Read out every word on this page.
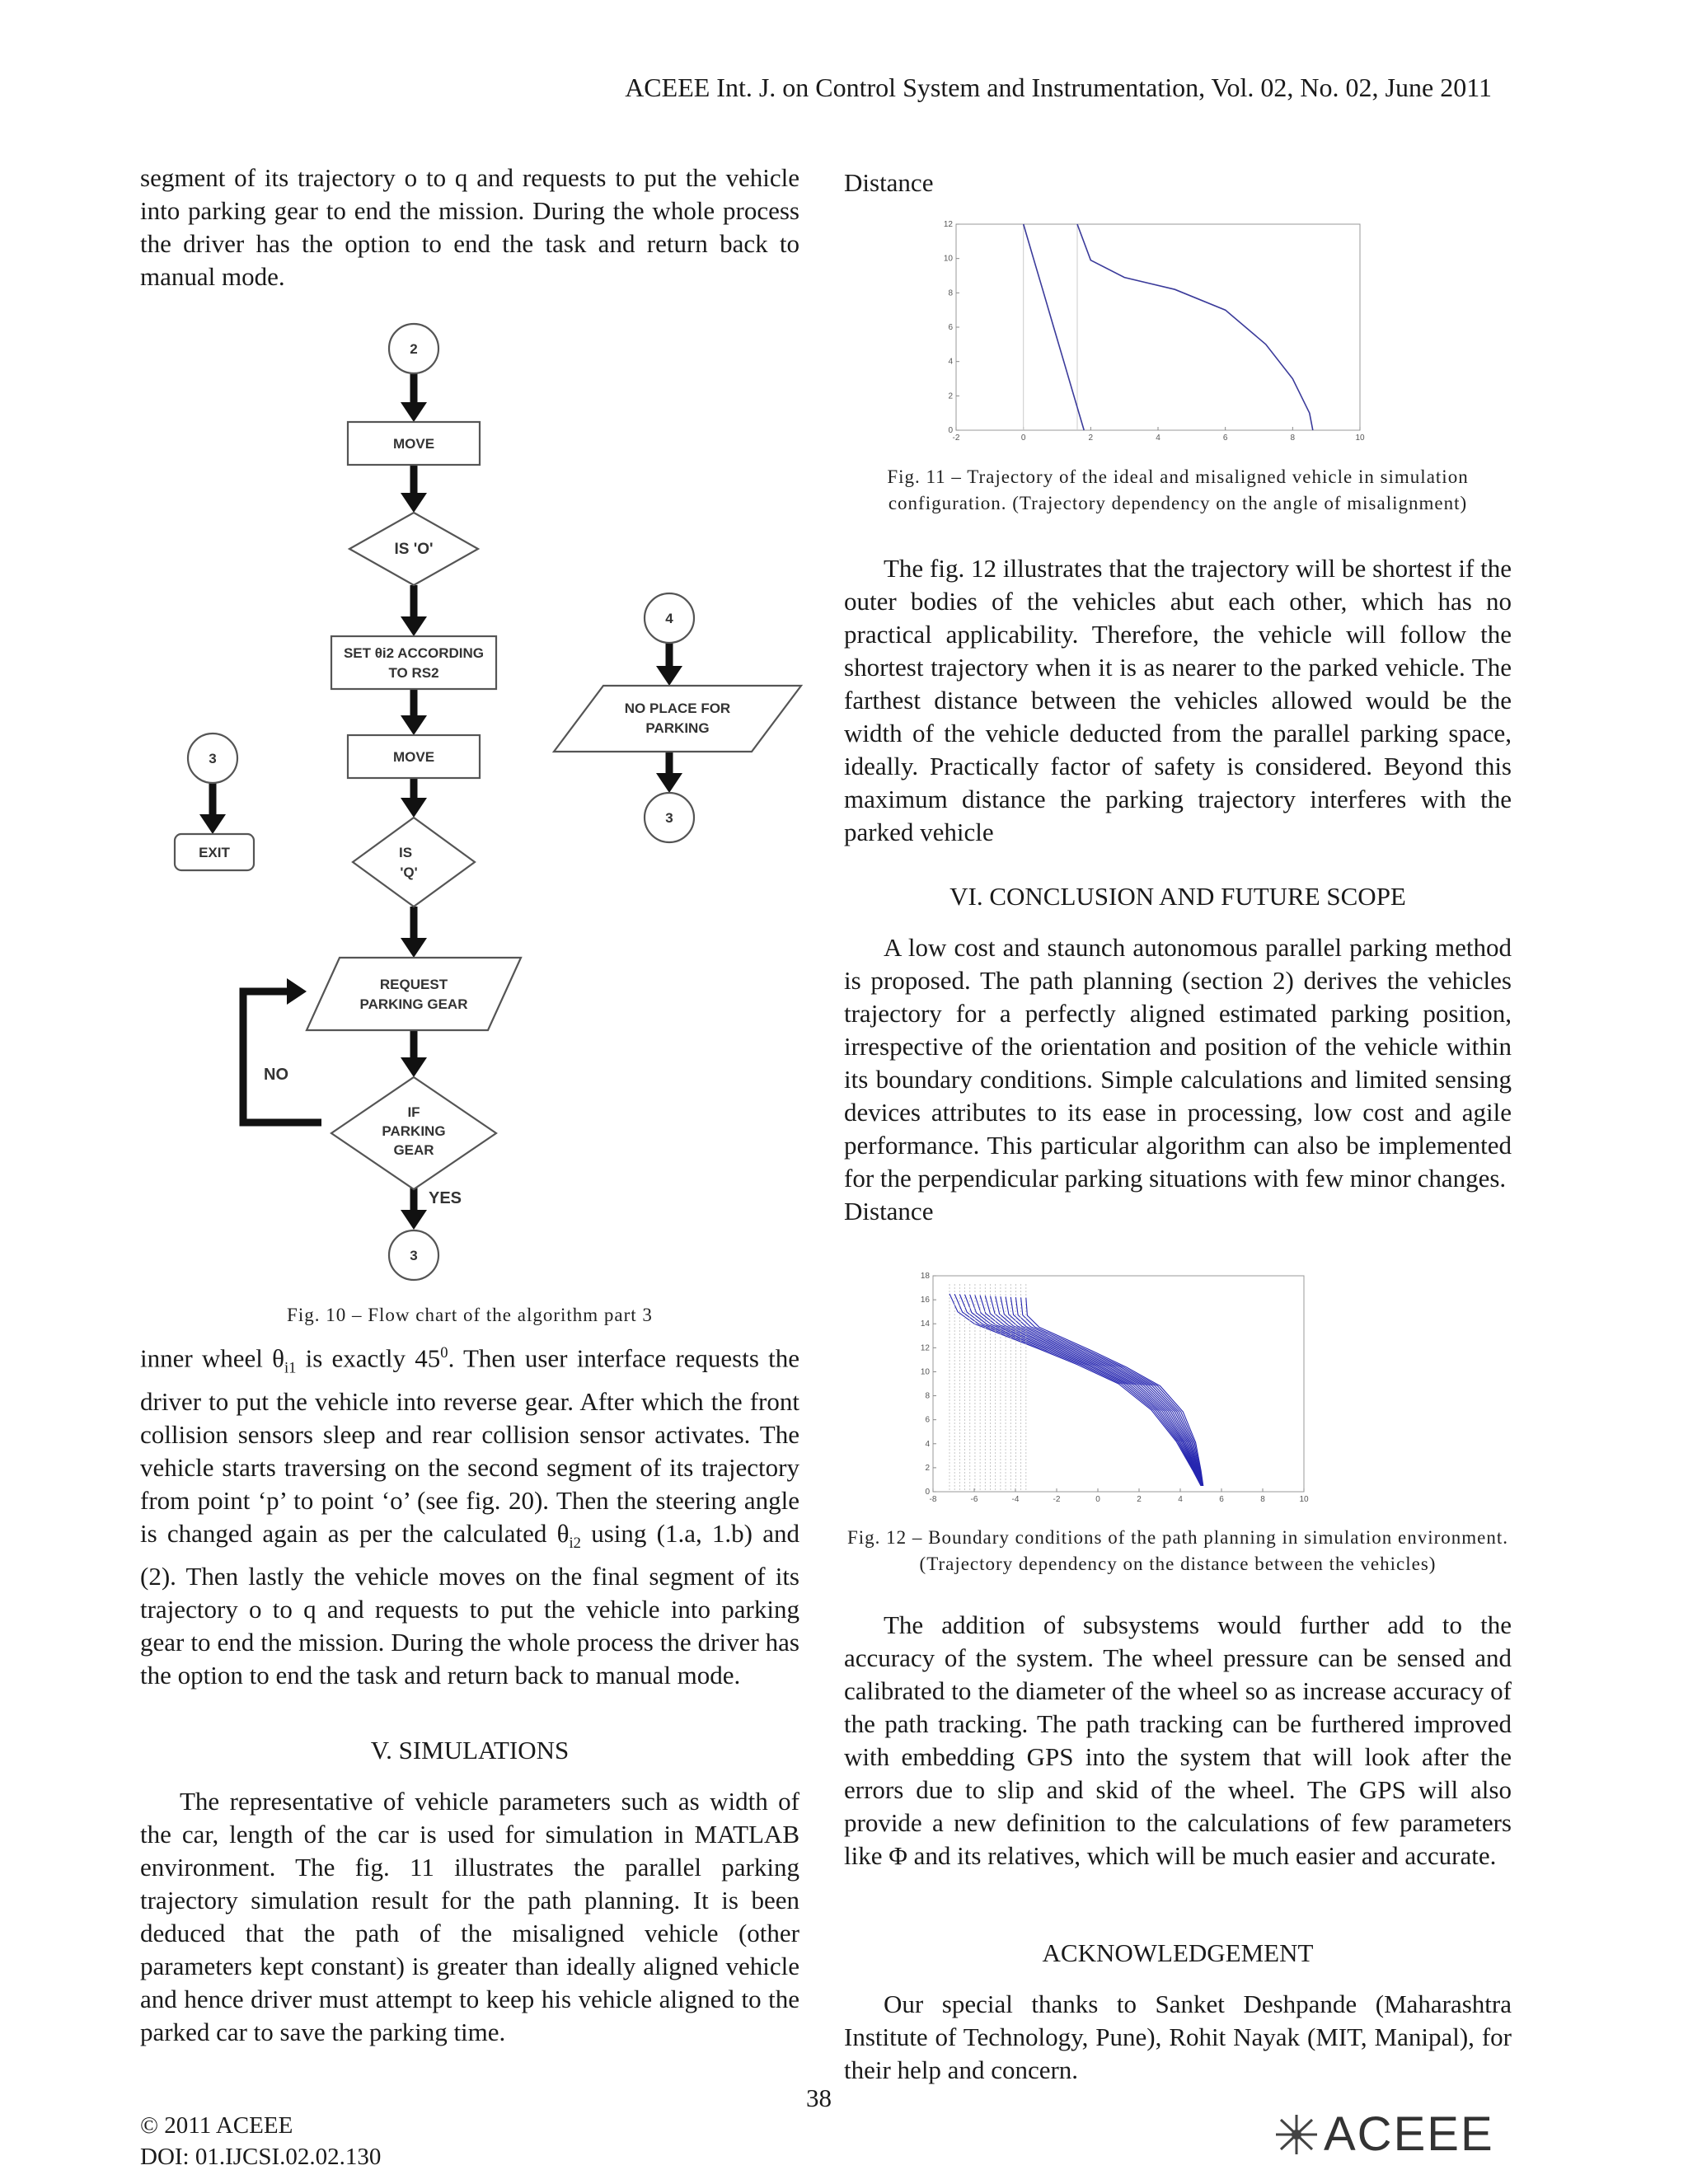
ACEEE Int. J. on Control System and Instrumentation, Vol. 02, No. 02, June 2011

segment of its trajectory o to q and requests to put the vehicle into parking gear to end the mission. During the whole process the driver has the option to end the task and return back to manual mode.

2
MOVE
IS 'O'
SET θi2 ACCORDING
TO RS2
MOVE
IS
'Q'
REQUEST
PARKING GEAR
IF
PARKING
GEAR
NO
YES
3
3
EXIT
4
NO PLACE FOR
PARKING
3
Fig. 10 – Flow chart of the algorithm part 3

inner wheel $\theta_{i1}$ is exactly $45^0$. Then user interface requests the driver to put the vehicle into reverse gear. After which the front collision sensors sleep and rear collision sensor activates. The vehicle starts traversing on the second segment of its trajectory from point ‘p’ to point ‘o’ (see fig. 20). Then the steering angle is changed again as per the calculated $\theta_{i2}$ using (1.a, 1.b) and (2). Then lastly the vehicle moves on the final segment of its trajectory o to q and requests to put the vehicle into parking gear to end the mission. During the whole process the driver has the option to end the task and return back to manual mode.

V. SIMULATIONS

The representative of vehicle parameters such as width of the car, length of the car is used for simulation in MATLAB environment. The fig. 11 illustrates the parallel parking trajectory simulation result for the path planning. It is been deduced that the path of the misaligned vehicle (other parameters kept constant) is greater than ideally aligned vehicle and hence driver must attempt to keep his vehicle aligned to the parked car to save the parking time.

Distance
-2	0	2	4	6	8	10
0
2
4
6
8
10
12
Fig. 11 – Trajectory of the ideal and misaligned vehicle in simulation configuration. (Trajectory dependency on the angle of misalignment)

The fig. 12 illustrates that the trajectory will be shortest if the outer bodies of the vehicles abut each other, which has no practical applicability. Therefore, the vehicle will follow the shortest trajectory when it is as nearer to the parked vehicle. The farthest distance between the vehicles allowed would be the width of the vehicle deducted from the parallel parking space, ideally. Practically factor of safety is considered. Beyond this maximum distance the parking trajectory interferes with the parked vehicle

VI. CONCLUSION AND FUTURE SCOPE

A low cost and staunch autonomous parallel parking method is proposed. The path planning (section 2) derives the vehicles trajectory for a perfectly aligned estimated parking position, irrespective of the orientation and position of the vehicle within its boundary conditions. Simple calculations and limited sensing devices attributes to its ease in processing, low cost and agile performance. This particular algorithm can also be implemented for the perpendicular parking situations with few minor changes.

Distance

-8	-6	-4	-2	0	2	4	6	8	10
0
2
4
6
8
10
12
14
16
18
Fig. 12 – Boundary conditions of the path planning in simulation environment. (Trajectory dependency on the distance between the vehicles)

The addition of subsystems would further add to the accuracy of the system. The wheel pressure can be sensed and calibrated to the diameter of the wheel so as increase accuracy of the path tracking. The path tracking can be furthered improved with embedding GPS into the system that will look after the errors due to slip and skid of the wheel. The GPS will also provide a new definition to the calculations of few parameters like Φ and its relatives, which will be much easier and accurate.

ACKNOWLEDGEMENT

Our special thanks to Sanket Deshpande (Maharashtra Institute of Technology, Pune), Rohit Nayak (MIT, Manipal), for their help and concern.

38
© 2011 ACEEE
DOI: 01.IJCSI.02.02.130	ACEEE
